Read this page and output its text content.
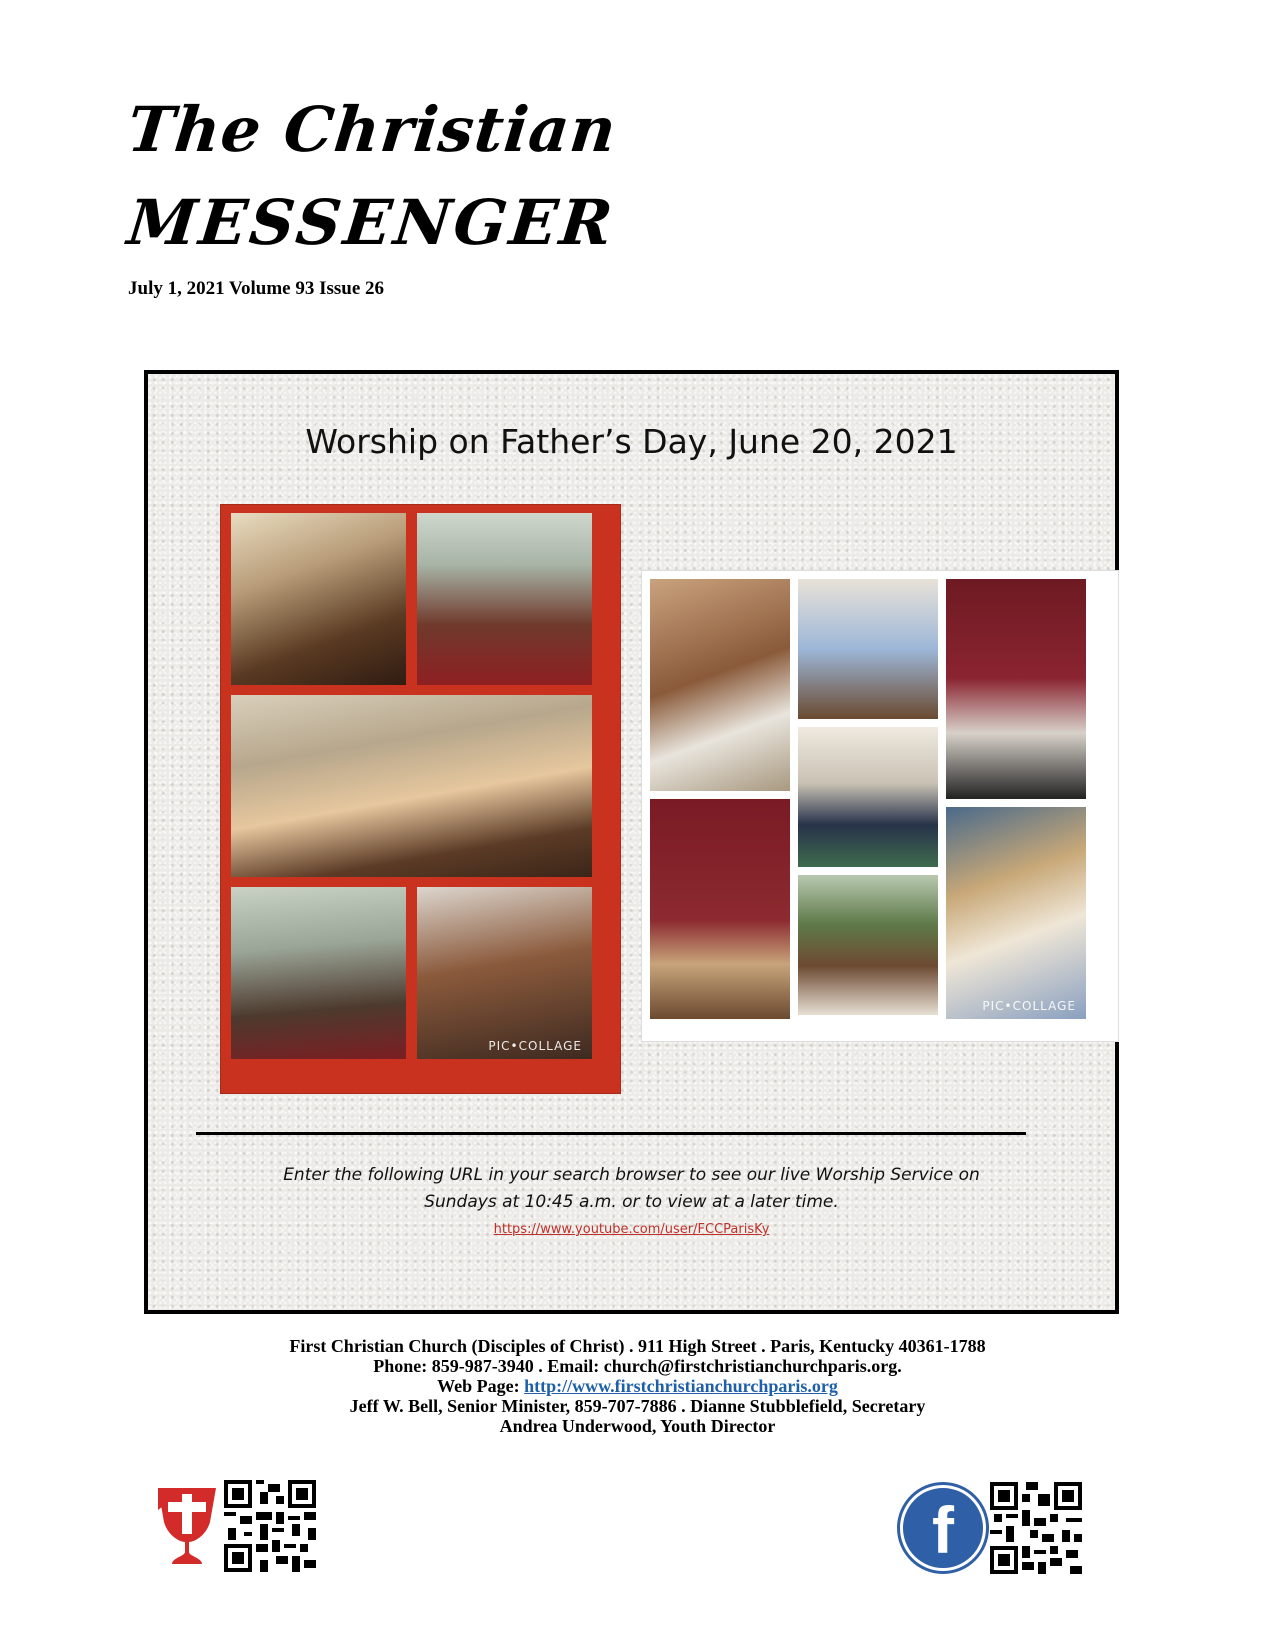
The Christian
MESSENGER
July 1, 2021 Volume 93 Issue 26
Worship on Father’s Day, June 20, 2021
PIC•COLLAGE
PIC•COLLAGE
Enter the following URL in your search browser to see our live Worship Service on
Sundays at 10:45 a.m. or to view at a later time.
https://www.youtube.com/user/FCCParisKy
First Christian Church (Disciples of Christ) . 911 High Street . Paris, Kentucky 40361-1788
Phone: 859-987-3940 . Email: church@firstchristianchurchparis.org.
Web Page: http://www.firstchristianchurchparis.org
Jeff W. Bell, Senior Minister, 859-707-7886 . Dianne Stubblefield, Secretary
Andrea Underwood, Youth Director
f
